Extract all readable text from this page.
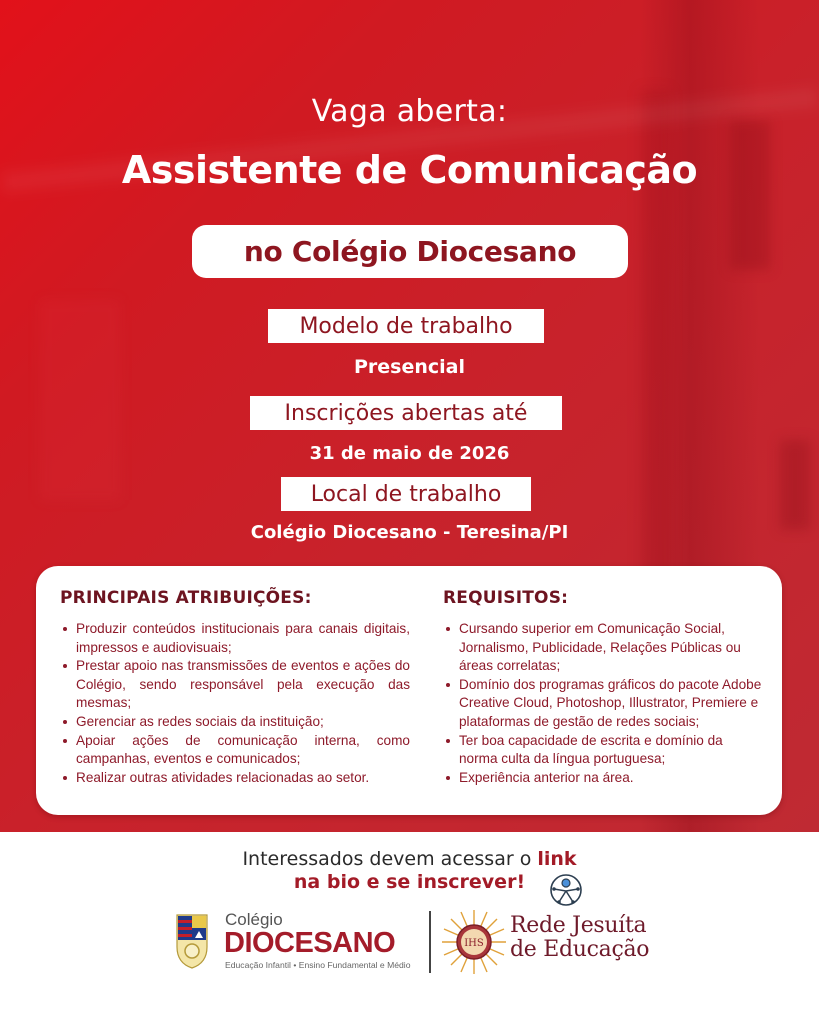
Vaga aberta:
Assistente de Comunicação
no Colégio Diocesano
Modelo de trabalho
Presencial
Inscrições abertas até
31 de maio de 2026
Local de trabalho
Colégio Diocesano - Teresina/PI
PRINCIPAIS ATRIBUIÇÕES:
Produzir conteúdos institucionais para canais digitais, impressos e audiovisuais;
Prestar apoio nas transmissões de eventos e ações do Colégio, sendo responsável pela execução das mesmas;
Gerenciar as redes sociais da instituição;
Apoiar ações de comunicação interna, como campanhas, eventos e comunicados;
Realizar outras atividades relacionadas ao setor.
REQUISITOS:
Cursando superior em Comunicação Social, Jornalismo, Publicidade, Relações Públicas ou áreas correlatas;
Domínio dos programas gráficos do pacote Adobe Creative Cloud, Photoshop, Illustrator, Premiere e plataformas de gestão de redes sociais;
Ter boa capacidade de escrita e domínio da norma culta da língua portuguesa;
Experiência anterior na área.
Interessados devem acessar o link
na bio e se inscrever!
Colégio
DIOCESANO
Educação Infantil • Ensino Fundamental e Médio
IHS
Rede Jesuíta
de Educação
